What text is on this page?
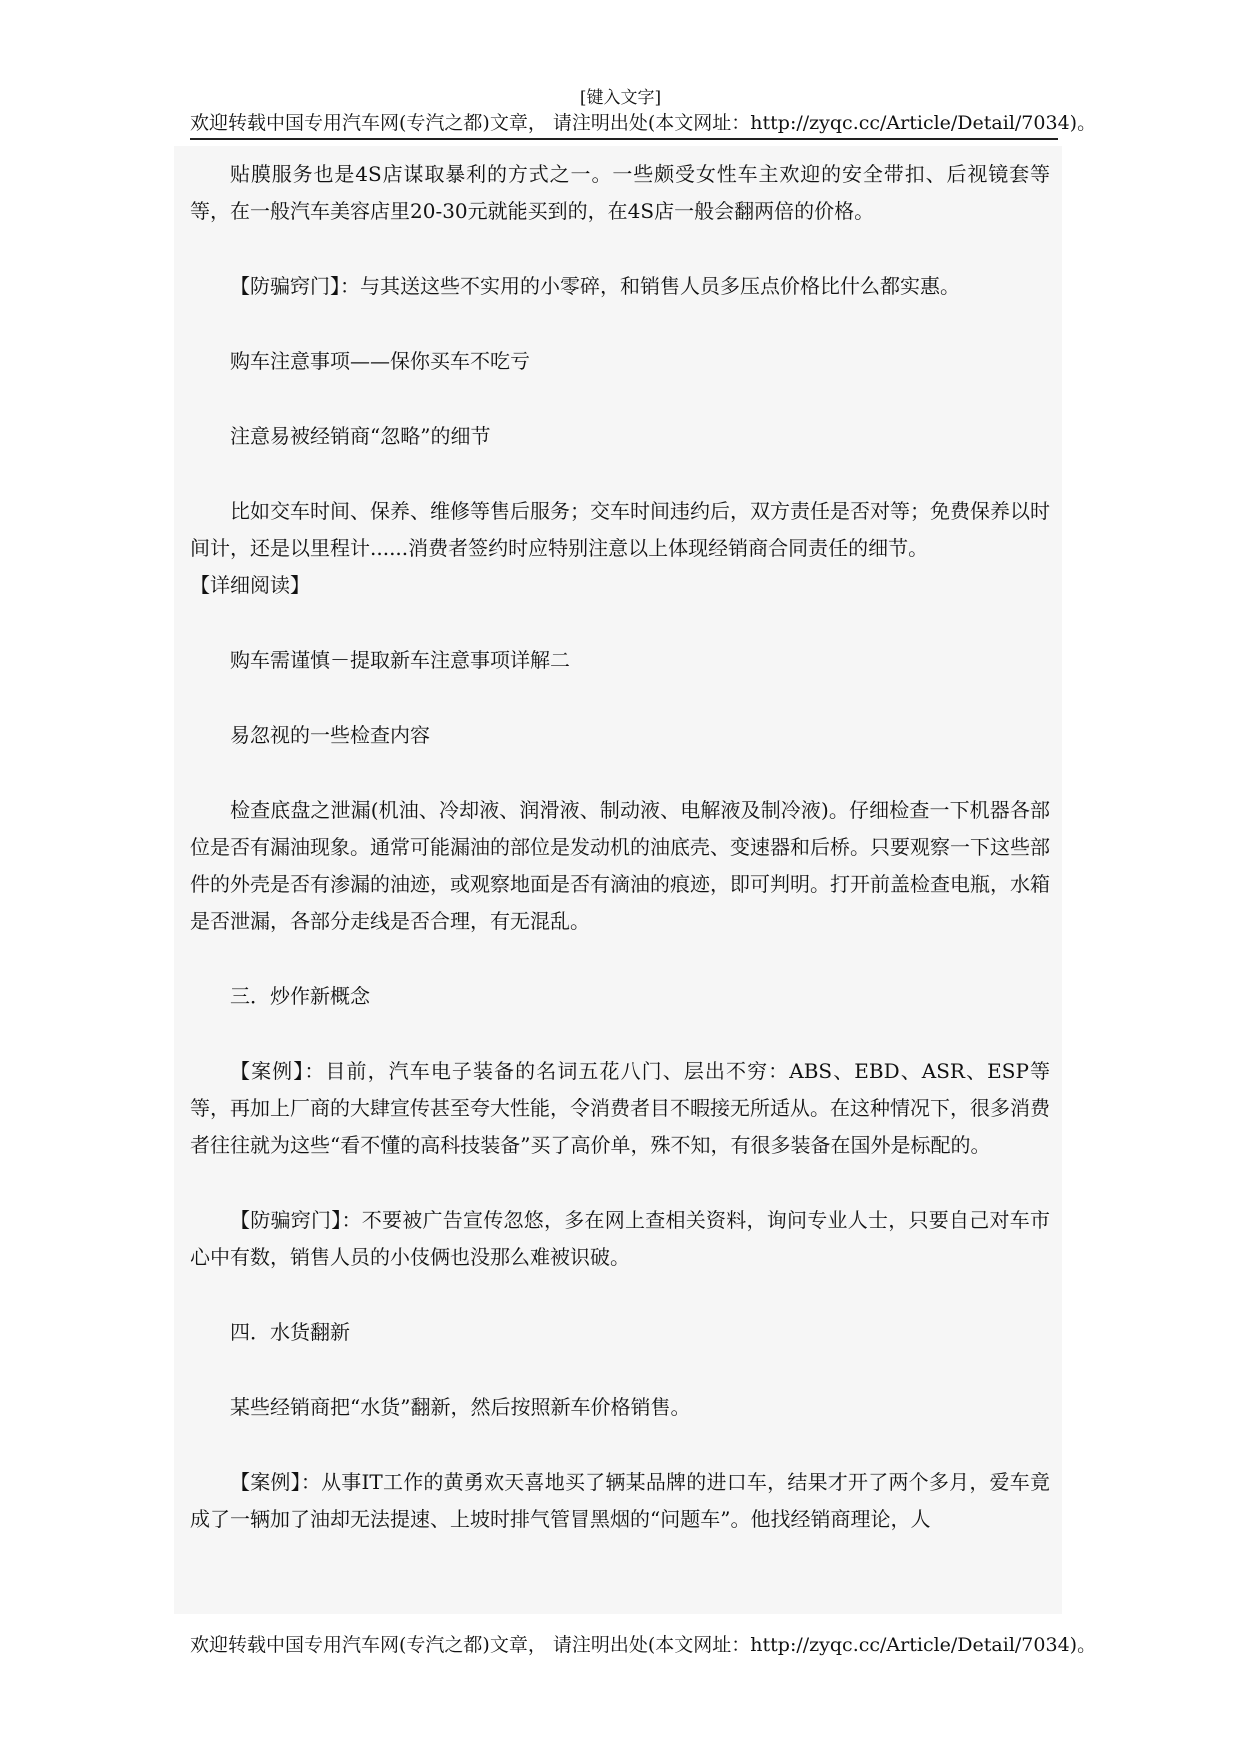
[键入文字]
欢迎转载中国专用汽车网(专汽之都)文章， 请注明出处(本文网址：http://zyqc.cc/Article/Detail/7034)。

贴膜服务也是4S店谋取暴利的方式之一。一些颇受女性车主欢迎的安全带扣、后视镜套等等，在一般汽车美容店里20-30元就能买到的，在4S店一般会翻两倍的价格。

【防骗窍门】：与其送这些不实用的小零碎，和销售人员多压点价格比什么都实惠。

购车注意事项——保你买车不吃亏

注意易被经销商“忽略”的细节

比如交车时间、保养、维修等售后服务；交车时间违约后，双方责任是否对等；免费保养以时间计，还是以里程计......消费者签约时应特别注意以上体现经销商合同责任的细节。

【详细阅读】

购车需谨慎－提取新车注意事项详解二

易忽视的一些检查内容

检查底盘之泄漏(机油、冷却液、润滑液、制动液、电解液及制冷液)。仔细检查一下机器各部位是否有漏油现象。通常可能漏油的部位是发动机的油底壳、变速器和后桥。只要观察一下这些部件的外壳是否有渗漏的油迹，或观察地面是否有滴油的痕迹，即可判明。打开前盖检查电瓶，水箱是否泄漏，各部分走线是否合理，有无混乱。

三．炒作新概念

【案例】：目前，汽车电子装备的名词五花八门、层出不穷：ABS、EBD、ASR、ESP等等，再加上厂商的大肆宣传甚至夸大性能，令消费者目不暇接无所适从。在这种情况下，很多消费者往往就为这些“看不懂的高科技装备”买了高价单，殊不知，有很多装备在国外是标配的。

【防骗窍门】：不要被广告宣传忽悠，多在网上查相关资料，询问专业人士，只要自己对车市心中有数，销售人员的小伎俩也没那么难被识破。

四．水货翻新

某些经销商把“水货”翻新，然后按照新车价格销售。

【案例】：从事IT工作的黄勇欢天喜地买了辆某品牌的进口车，结果才开了两个多月，爱车竟成了一辆加了油却无法提速、上坡时排气管冒黑烟的“问题车”。他找经销商理论，人

欢迎转载中国专用汽车网(专汽之都)文章， 请注明出处(本文网址：http://zyqc.cc/Article/Detail/7034)。
